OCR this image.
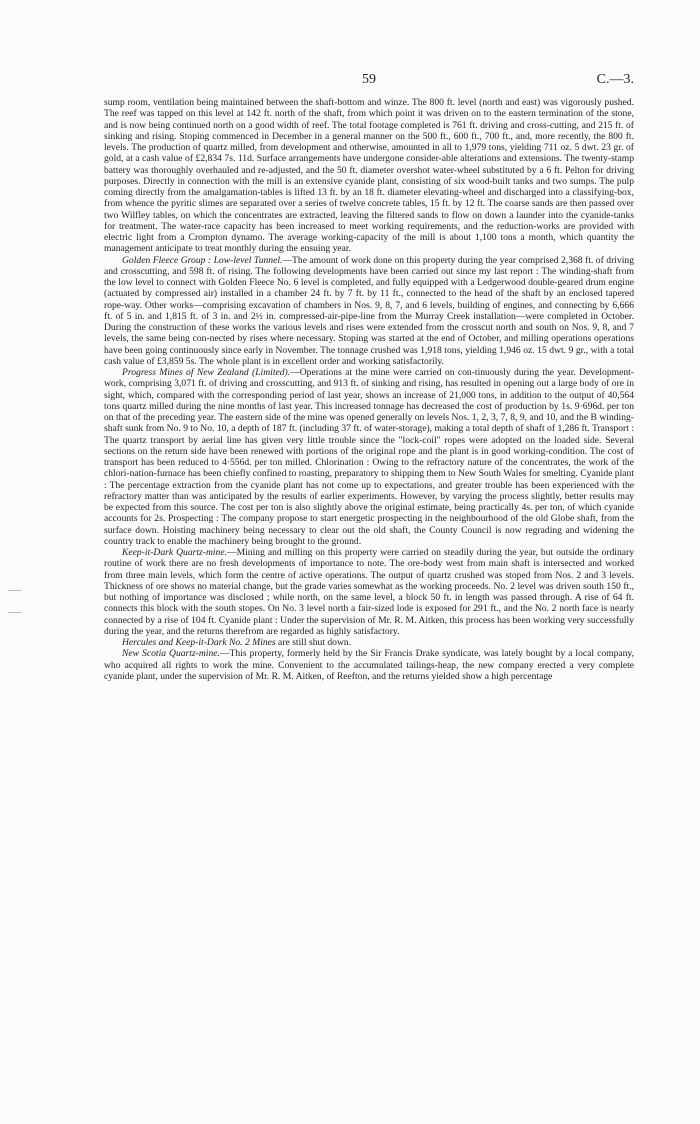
59	C.—3.

sump room, ventilation being maintained between the shaft-bottom and winze. The 800 ft. level (north and east) was vigorously pushed. The reef was tapped on this level at 142 ft. north of the shaft, from which point it was driven on to the eastern termination of the stone, and is now being continued north on a good width of reef. The total footage completed is 761 ft. driving and cross-cutting, and 215 ft. of sinking and rising. Stoping commenced in December in a general manner on the 500 ft., 600 ft., 700 ft., and, more recently, the 800 ft. levels. The production of quartz milled, from development and otherwise, amounted in all to 1,979 tons, yielding 711 oz. 5 dwt. 23 gr. of gold, at a cash value of £2,834 7s. 11d. Surface arrangements have undergone consider-able alterations and extensions. The twenty-stamp battery was thoroughly overhauled and re-adjusted, and the 50 ft. diameter overshot water-wheel substituted by a 6 ft. Pelton for driving purposes. Directly in connection with the mill is an extensive cyanide plant, consisting of six wood-built tanks and two sumps. The pulp coming directly from the amalgamation-tables is lifted 13 ft. by an 18 ft. diameter elevating-wheel and discharged into a classifying-box, from whence the pyritic slimes are separated over a series of twelve concrete tables, 15 ft. by 12 ft. The coarse sands are then passed over two Wilfley tables, on which the concentrates are extracted, leaving the filtered sands to flow on down a launder into the cyanide-tanks for treatment. The water-race capacity has been increased to meet working requirements, and the reduction-works are provided with electric light from a Crompton dynamo. The average working-capacity of the mill is about 1,100 tons a month, which quantity the management anticipate to treat monthly during the ensuing year.

Golden Fleece Group : Low-level Tunnel.—The amount of work done on this property during the year comprised 2,368 ft. of driving and crosscutting, and 598 ft. of rising. The following developments have been carried out since my last report : The winding-shaft from the low level to connect with Golden Fleece No. 6 level is completed, and fully equipped with a Ledgerwood double-geared drum engine (actuated by compressed air) installed in a chamber 24 ft. by 7 ft. by 11 ft., connected to the head of the shaft by an enclosed tapered rope-way. Other works—comprising excavation of chambers in Nos. 9, 8, 7, and 6 levels, building of engines, and connecting by 6,666 ft. of 5 in. and 1,815 ft. of 3 in. and 2½ in. compressed-air-pipe-line from the Murray Creek installation—were completed in October. During the construction of these works the various levels and rises were extended from the crosscut north and south on Nos. 9, 8, and 7 levels, the same being con-nected by rises where necessary. Stoping was started at the end of October, and milling operations operations have been going continuously since early in November. The tonnage crushed was 1,918 tons, yielding 1,946 oz. 15 dwt. 9 gr., with a total cash value of £3,859 5s. The whole plant is in excellent order and working satisfactorily.

Progress Mines of New Zealand (Limited).—Operations at the mine were carried on con-tinuously during the year. Development-work, comprising 3,071 ft. of driving and crosscutting, and 913 ft. of sinking and rising, has resulted in opening out a large body of ore in sight, which, compared with the corresponding period of last year, shows an increase of 21,000 tons, in addition to the output of 40,564 tons quartz milled during the nine months of last year. This increased tonnage has decreased the cost of production by 1s. 9·696d. per ton on that of the preceding year. The eastern side of the mine was opened generally on levels Nos. 1, 2, 3, 7, 8, 9, and 10, and the B winding-shaft sunk from No. 9 to No. 10, a depth of 187 ft. (including 37 ft. of water-storage), making a total depth of shaft of 1,286 ft. Transport : The quartz transport by aerial line has given very little trouble since the "lock-coil" ropes were adopted on the loaded side. Several sections on the return side have been renewed with portions of the original rope and the plant is in good working-condition. The cost of transport has been reduced to 4·556d. per ton milled. Chlorination : Owing to the refractory nature of the concentrates, the work of the chlori-nation-furnace has been chiefly confined to roasting, preparatory to shipping them to New South Wales for smelting. Cyanide plant : The percentage extraction from the cyanide plant has not come up to expectations, and greater trouble has been experienced with the refractory matter than was anticipated by the results of earlier experiments. However, by varying the process slightly, better results may be expected from this source. The cost per ton is also slightly above the original estimate, being practically 4s. per ton, of which cyanide accounts for 2s. Prospecting : The company propose to start energetic prospecting in the neighbourhood of the old Globe shaft, from the surface down. Hoisting machinery being necessary to clear out the old shaft, the County Council is now regrading and widening the country track to enable the machinery being brought to the ground.

Keep-it-Dark Quartz-mine.—Mining and milling on this property were carried on steadily during the year, but outside the ordinary routine of work there are no fresh developments of importance to note. The ore-body west from main shaft is intersected and worked from three main levels, which form the centre of active operations. The output of quartz crushed was stoped from Nos. 2 and 3 levels. Thickness of ore shows no material change, but the grade varies somewhat as the working proceeds. No. 2 level was driven south 150 ft., but nothing of importance was disclosed ; while north, on the same level, a block 50 ft. in length was passed through. A rise of 64 ft. connects this block with the south stopes. On No. 3 level north a fair-sized lode is exposed for 291 ft., and the No. 2 north face is nearly connected by a rise of 104 ft. Cyanide plant : Under the supervision of Mr. R. M. Aitken, this process has been working very successfully during the year, and the returns therefrom are regarded as highly satisfactory.

Hercules and Keep-it-Dark No. 2 Mines are still shut down.

New Scotia Quartz-mine.—This property, formerly held by the Sir Francis Drake syndicate, was lately bought by a local company, who acquired all rights to work the mine. Convenient to the accumulated tailings-heap, the new company erected a very complete cyanide plant, under the supervision of Mr. R. M. Aitken, of Reefton, and the returns yielded show a high percentage
